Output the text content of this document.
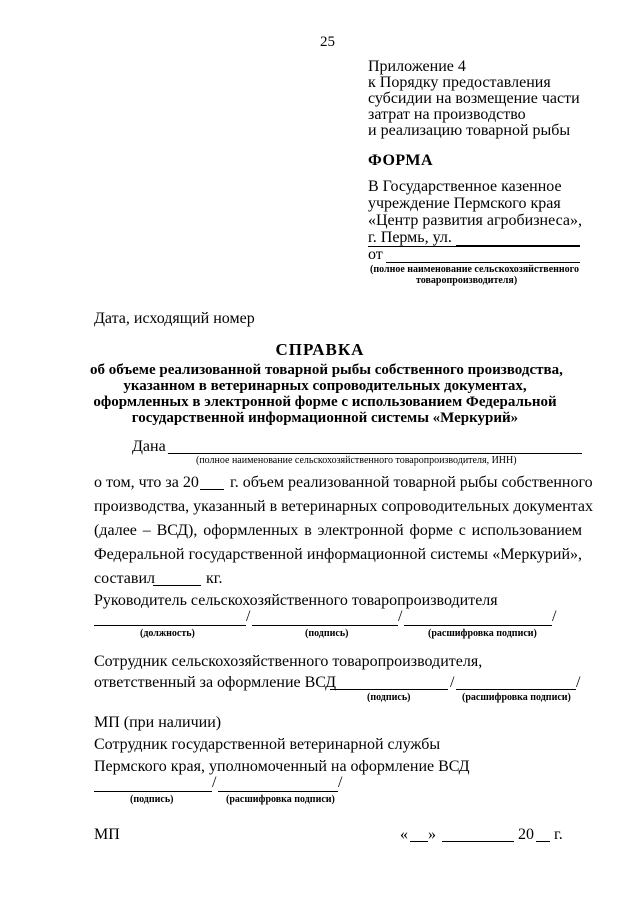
25
Приложение 4
к Порядку предоставления
субсидии на возмещение части
затрат на производство
и реализацию товарной рыбы
ФОРМА
В Государственное казенное
учреждение Пермского края
«Центр развития агробизнеса»,
г. Пермь, ул.
от
(полное наименование сельскохозяйственного
товаропроизводителя)
Дата, исходящий номер
СПРАВКА
об объеме реализованной товарной рыбы собственного производства,
указанном в ветеринарных сопроводительных документах,
оформленных в электронной форме с использованием Федеральной
государственной информационной системы «Меркурий»
Дана
(полное наименование сельскохозяйственного товаропроизводителя, ИНН)
о том, что за 20 г. объем реализованной товарной рыбы собственного
производства, указанный в ветеринарных сопроводительных документах
(далее – ВСД), оформленных в электронной форме с использованием
Федеральной государственной информационной системы «Меркурий»,
составил	кг.
Руководитель сельскохозяйственного товаропроизводителя
/	/	/
(должность)	(подпись)	(расшифровка подписи)
Сотрудник сельскохозяйственного товаропроизводителя,
ответственный за оформление ВСД	/	/
(подпись)	(расшифровка подписи)
МП (при наличии)
Сотрудник государственной ветеринарной службы
Пермского края, уполномоченный на оформление ВСД
/	/
(подпись)	(расшифровка подписи)
МП	« »	20 г.
